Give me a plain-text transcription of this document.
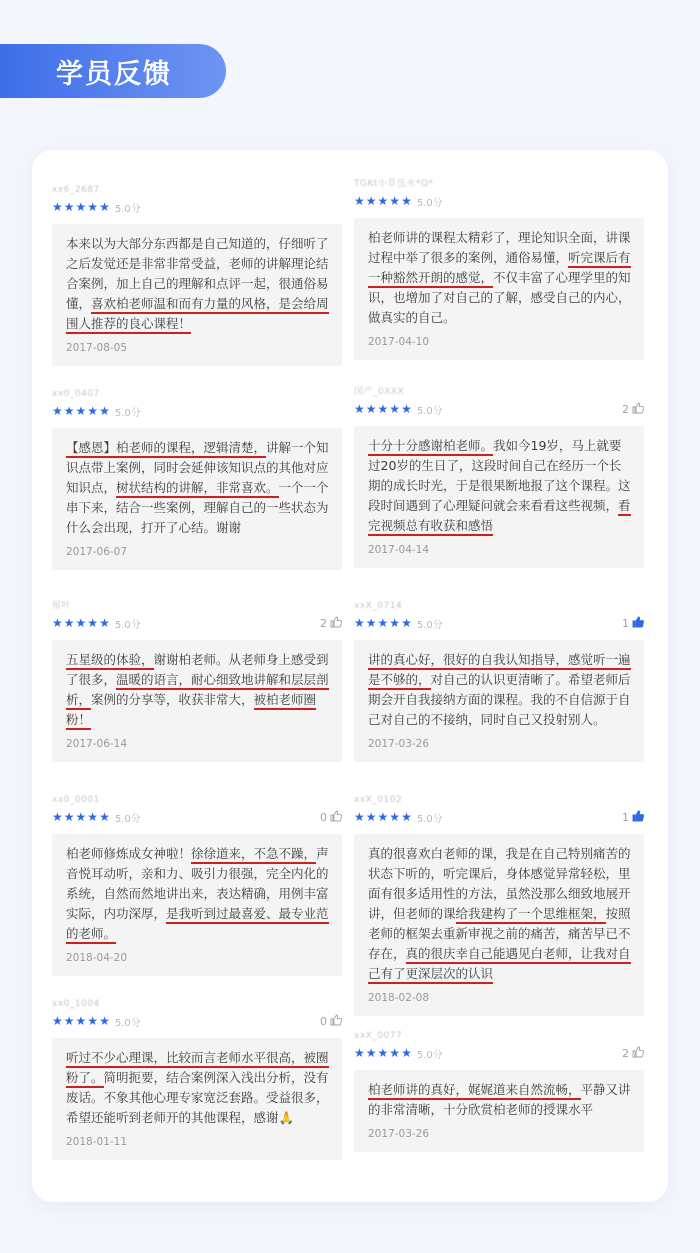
学员反馈
xx6_2687
★★★★★ 5.0分
本来以为大部分东西都是自己知道的，仔细听了之后发觉还是非常非常受益，老师的讲解理论结合案例，加上自己的理解和点评一起，很通俗易懂，喜欢柏老师温和而有力量的风格，是会给周围人推荐的良心课程！
2017-08-05
xx0_0407
★★★★★ 5.0分
【感恩】柏老师的课程，逻辑清楚，讲解一个知识点带上案例，同时会延伸该知识点的其他对应知识点，树状结构的讲解，非常喜欢。一个一个串下来，结合一些案例，理解自己的一些状态为什么会出现，打开了心结。谢谢
2017-06-07
屋叶
★★★★★ 5.0分	2
五星级的体验，谢谢柏老师。从老师身上感受到了很多，温暖的语言，耐心细致地讲解和层层剖析，案例的分享等，收获非常大，被柏老师圈粉！
2017-06-14
xx0_0001
★★★★★ 5.0分	0
柏老师修炼成女神啦！徐徐道来，不急不躁，声音悦耳动听，亲和力、吸引力很强，完全内化的系统，自然而然地讲出来，表达精确，用例丰富实际，内功深厚，是我听到过最喜爱、最专业范的老师。
2018-04-20
xx0_1004
★★★★★ 5.0分	0
听过不少心理课，比较而言老师水平很高，被圈粉了。简明扼要，结合案例深入浅出分析，没有废话。不象其他心理专家宽泛套路。受益很多，希望还能听到老师开的其他课程，感谢🙏
2018-01-11
TGKt小草伍水*Q*
★★★★★ 5.0分
柏老师讲的课程太精彩了，理论知识全面，讲课过程中举了很多的案例，通俗易懂，听完课后有一种豁然开朗的感觉，不仅丰富了心理学里的知识，也增加了对自己的了解，感受自己的内心，做真实的自己。
2017-04-10
国产_0XXX
★★★★★ 5.0分	2
十分十分感谢柏老师。我如今19岁，马上就要过20岁的生日了，这段时间自己在经历一个长期的成长时光，于是很果断地报了这个课程。这段时间遇到了心理疑问就会来看看这些视频，看完视频总有收获和感悟
2017-04-14
xxX_0714
★★★★★ 5.0分	1
讲的真心好，很好的自我认知指导，感觉听一遍是不够的，对自己的认识更清晰了。希望老师后期会开自我接纳方面的课程。我的不自信源于自己对自己的不接纳，同时自己又投射别人。
2017-03-26
xxX_0102
★★★★★ 5.0分	1
真的很喜欢白老师的课，我是在自己特别痛苦的状态下听的，听完课后，身体感觉异常轻松，里面有很多适用性的方法，虽然没那么细致地展开讲，但老师的课给我建构了一个思维框架，按照老师的框架去重新审视之前的痛苦，痛苦早已不存在，真的很庆幸自己能遇见白老师，让我对自己有了更深层次的认识
2018-02-08
xxX_0077
★★★★★ 5.0分	2
柏老师讲的真好，娓娓道来自然流畅，平静又讲的非常清晰，十分欣赏柏老师的授课水平
2017-03-26
